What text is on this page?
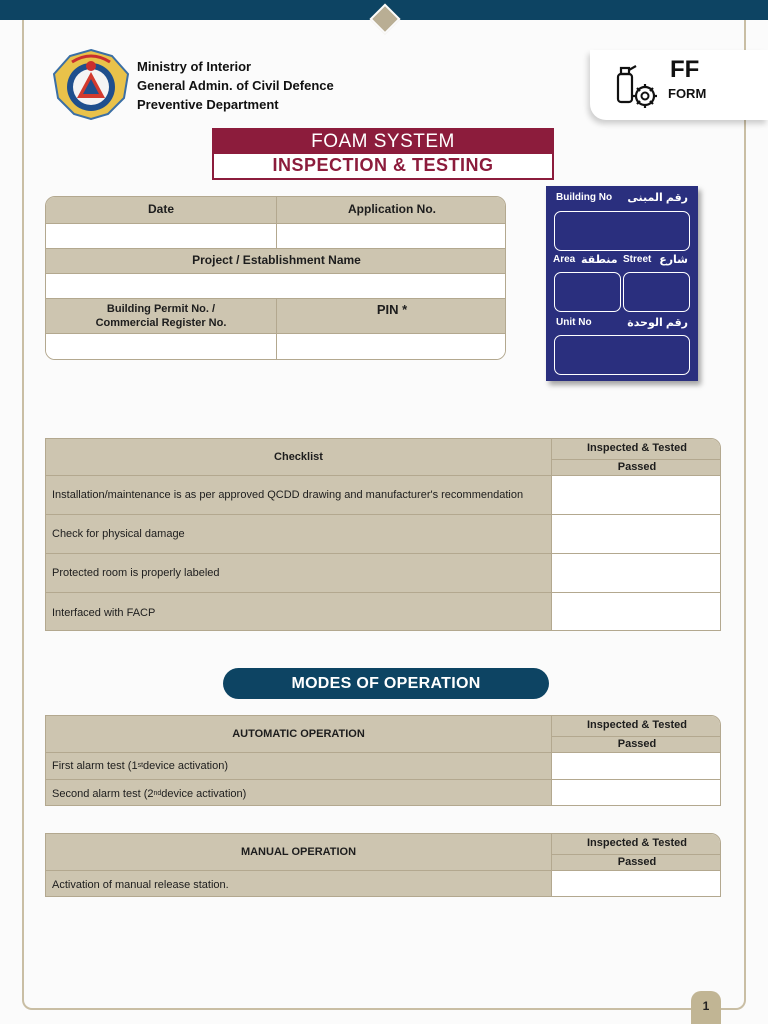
Ministry of Interior
General Admin. of Civil Defence
Preventive Department
FF
FORM
FOAM SYSTEM
INSPECTION & TESTING
Date	Application No.
Project / Establishment Name
Building Permit No. /
Commercial Register No.
PIN *
Building No رقم المبنى
Area منطقة Street شارع
Unit No	رقم الوحدة
Checklist
Inspected & Tested
Passed
Installation/maintenance is as per approved QCDD drawing and manufacturer's recommendation
Check for physical damage
Protected room is properly labeled
Interfaced with FACP
MODES OF OPERATION
AUTOMATIC OPERATION
Inspected & Tested
Passed
First alarm test (1 st device activation)
Second alarm test (2 nd device activation)
MANUAL OPERATION
Inspected & Tested
Passed
Activation of manual release station.
1
